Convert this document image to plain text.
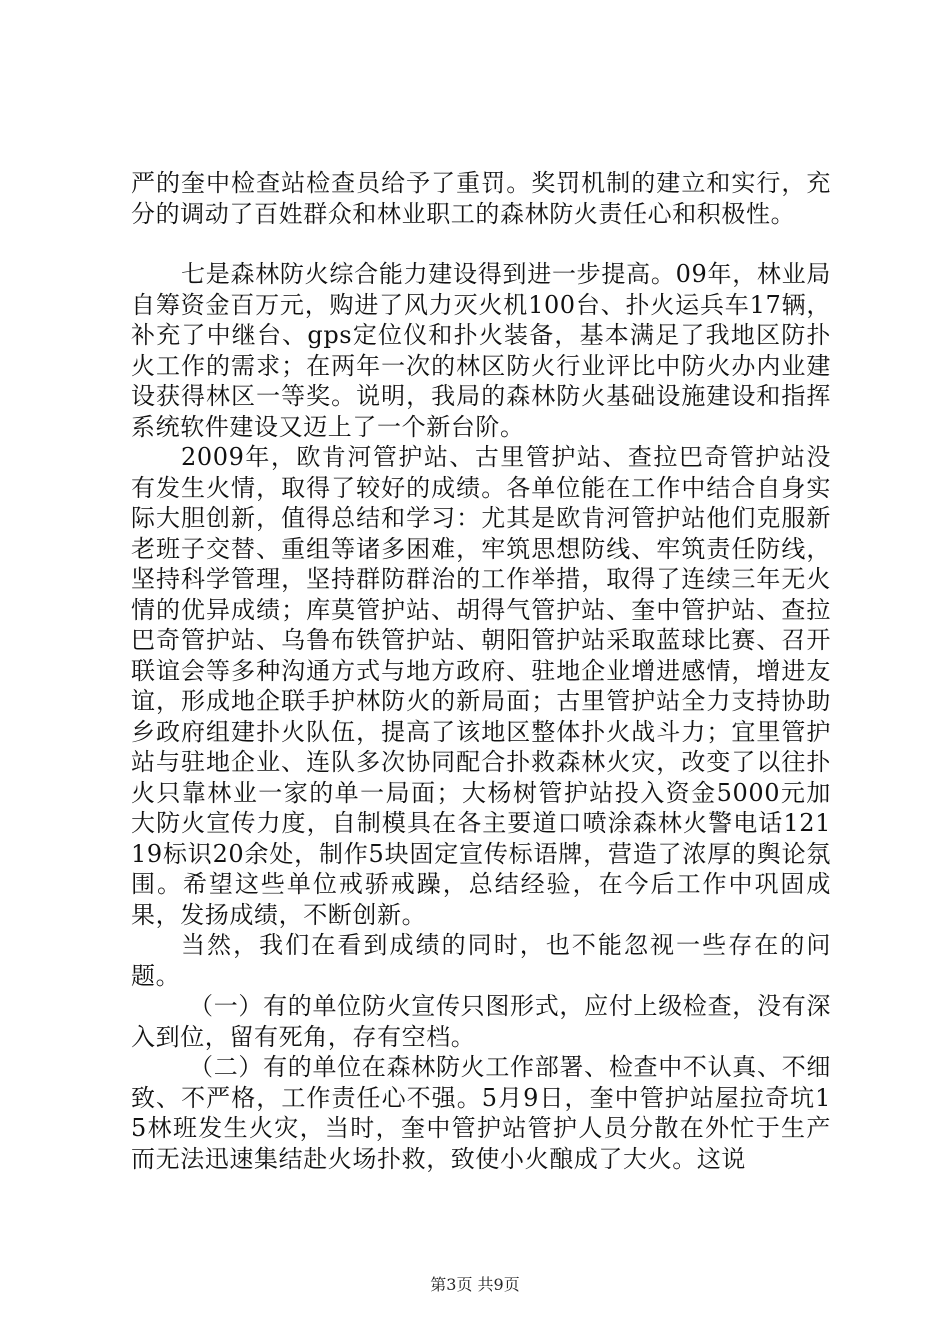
严的奎中检查站检查员给予了重罚。奖罚机制的建立和实行，充分的调动了百姓群众和林业职工的森林防火责任心和积极性。

七是森林防火综合能力建设得到进一步提高。09年，林业局自筹资金百万元，购进了风力灭火机100台、扑火运兵车17辆，补充了中继台、gps定位仪和扑火装备，基本满足了我地区防扑火工作的需求；在两年一次的林区防火行业评比中防火办内业建设获得林区一等奖。说明，我局的森林防火基础设施建设和指挥系统软件建设又迈上了一个新台阶。

2009年，欧肯河管护站、古里管护站、查拉巴奇管护站没有发生火情，取得了较好的成绩。各单位能在工作中结合自身实际大胆创新，值得总结和学习：尤其是欧肯河管护站他们克服新老班子交替、重组等诸多困难，牢筑思想防线、牢筑责任防线，坚持科学管理，坚持群防群治的工作举措，取得了连续三年无火情的优异成绩；库莫管护站、胡得气管护站、奎中管护站、查拉巴奇管护站、乌鲁布铁管护站、朝阳管护站采取蓝球比赛、召开联谊会等多种沟通方式与地方政府、驻地企业增进感情，增进友谊，形成地企联手护林防火的新局面；古里管护站全力支持协助乡政府组建扑火队伍，提高了该地区整体扑火战斗力；宜里管护站与驻地企业、连队多次协同配合扑救森林火灾，改变了以往扑火只靠林业一家的单一局面；大杨树管护站投入资金5000元加大防火宣传力度，自制模具在各主要道口喷涂森林火警电话12119标识20余处，制作5块固定宣传标语牌，营造了浓厚的舆论氛围。希望这些单位戒骄戒躁，总结经验，在今后工作中巩固成果，发扬成绩，不断创新。

当然，我们在看到成绩的同时，也不能忽视一些存在的问题。

（一）有的单位防火宣传只图形式，应付上级检查，没有深入到位，留有死角，存有空档。

（二）有的单位在森林防火工作部署、检查中不认真、不细致、不严格，工作责任心不强。5月9日，奎中管护站屋拉奇坑15林班发生火灾，当时，奎中管护站管护人员分散在外忙于生产而无法迅速集结赴火场扑救，致使小火酿成了大火。这说

第3页 共9页
